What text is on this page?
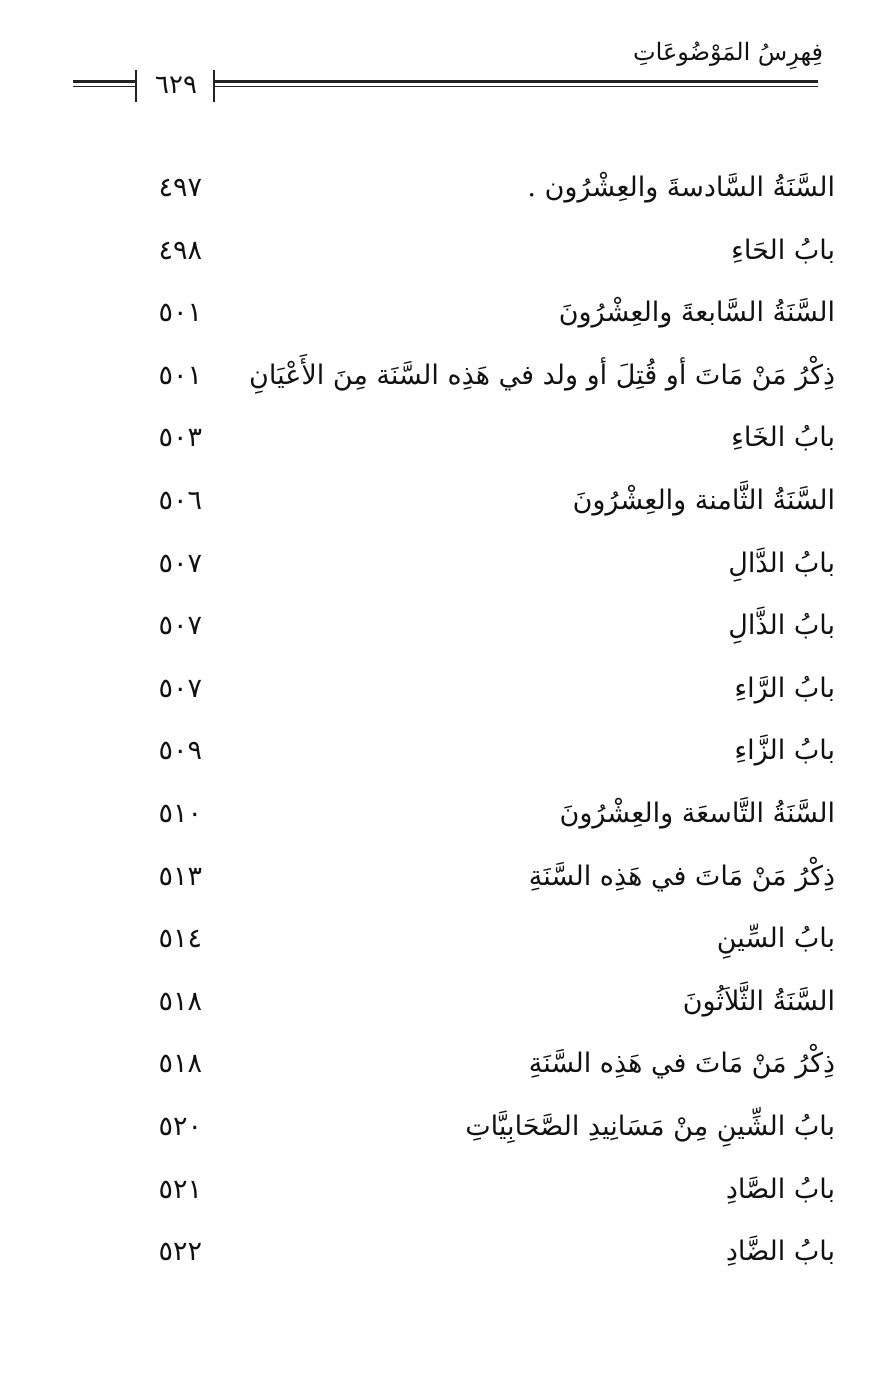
فِهرِسُ المَوْضُوعَاتِ
٦٢٩
السَّنَةُ السَّادسةَ والعِشْرُون .
٤٩٧
بابُ الحَاءِ
٤٩٨
السَّنَةُ السَّابعةَ والعِشْرُونَ
٥٠١
ذِكْرُ مَنْ مَاتَ أو قُتِلَ أو ولد في هَذِه السَّنَة مِنَ الأَعْيَانِ
٥٠١
بابُ الخَاءِ
٥٠٣
السَّنَةُ الثَّامنة والعِشْرُونَ
٥٠٦
بابُ الدَّالِ
٥٠٧
بابُ الذَّالِ
٥٠٧
بابُ الرَّاءِ
٥٠٧
بابُ الزَّاءِ
٥٠٩
السَّنَةُ التَّاسعَة والعِشْرُونَ
٥١٠
ذِكْرُ مَنْ مَاتَ في هَذِه السَّنَةِ
٥١٣
بابُ السِّينِ
٥١٤
السَّنَةُ الثَّلاَثُونَ
٥١٨
ذِكْرُ مَنْ مَاتَ في هَذِه السَّنَةِ
٥١٨
بابُ الشِّينِ مِنْ مَسَانِيدِ الصَّحَابِيَّاتِ
٥٢٠
بابُ الصَّادِ
٥٢١
بابُ الضَّادِ
٥٢٢
